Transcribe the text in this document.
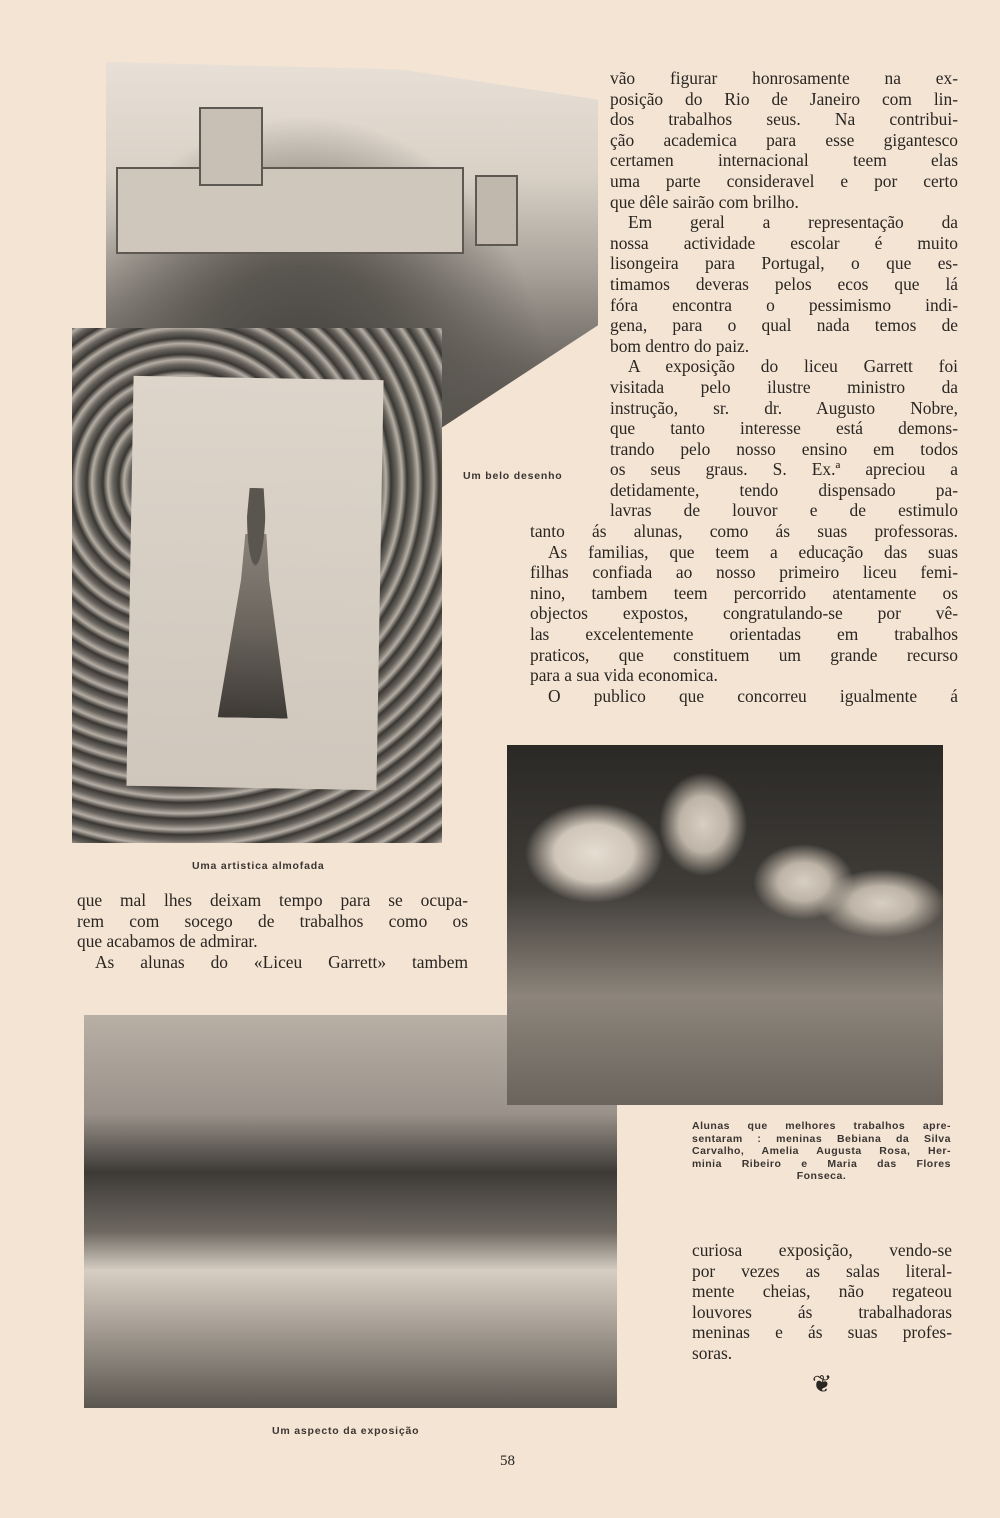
Um belo desenho
vão figurar honrosamente na ex-
posição do Rio de Janeiro com lin-
dos trabalhos seus. Na contribui-
ção academica para esse gigantesco
certamen internacional teem elas
uma parte consideravel e por certo
que dêle sairão com brilho.
Em geral a representação da
nossa actividade escolar é muito
lisongeira para Portugal, o que es-
timamos deveras pelos ecos que lá
fóra encontra o pessimismo indi-
gena, para o qual nada temos de
bom dentro do paiz.
A exposição do liceu Garrett foi
visitada pelo ilustre ministro da
instrução, sr. dr. Augusto Nobre,
que tanto interesse está demons-
trando pelo nosso ensino em todos
os seus graus. S. Ex.ª apreciou a
detidamente, tendo dispensado pa-
lavras de louvor e de estimulo
tanto ás alunas, como ás suas professoras.
As familias, que teem a educação das suas
filhas confiada ao nosso primeiro liceu femi-
nino, tambem teem percorrido atentamente os
objectos expostos, congratulando-se por vê-
las excelentemente orientadas em trabalhos
praticos, que constituem um grande recurso
para a sua vida economica.
O publico que concorreu igualmente á
Uma artistica almofada
que mal lhes deixam tempo para se ocupa-
rem com socego de trabalhos como os
que acabamos de admirar.
As alunas do «Liceu Garrett» tambem
Alunas que melhores trabalhos apre-
sentaram : meninas Bebiana da Silva
Carvalho, Amelia Augusta Rosa, Her-
minia Ribeiro e Maria das Flores
Fonseca.
curiosa exposição, vendo-se
por vezes as salas literal-
mente cheias, não regateou
louvores ás trabalhadoras
meninas e ás suas profes-
soras.
❦
Um aspecto da exposição
58
